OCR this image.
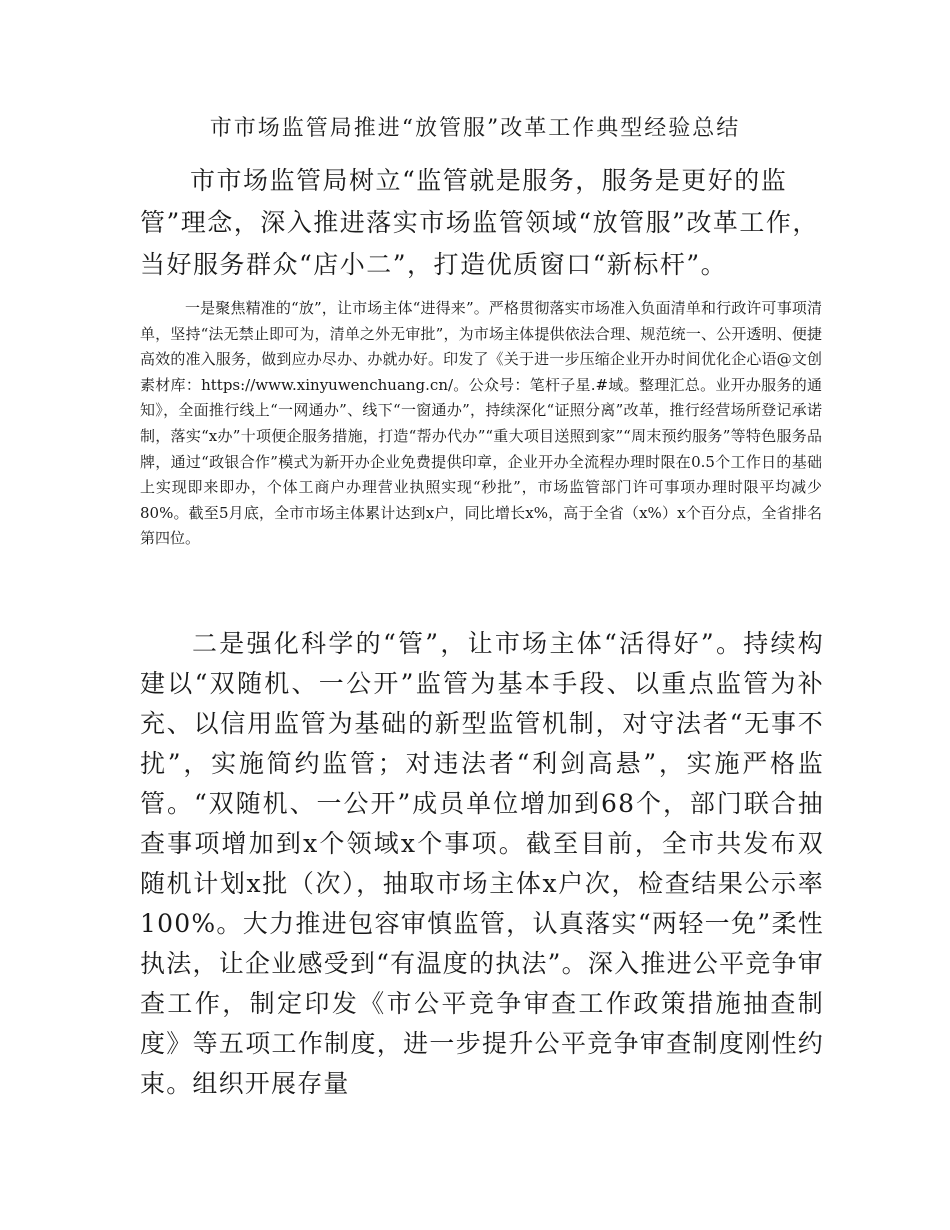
市市场监管局推进“放管服”改革工作典型经验总结

市市场监管局树立“监管就是服务，服务是更好的监管”理念，深入推进落实市场监管领域“放管服”改革工作，当好服务群众“店小二”，打造优质窗口“新标杆”。

一是聚焦精准的“放”，让市场主体“进得来”。严格贯彻落实市场准入负面清单和行政许可事项清单，坚持“法无禁止即可为，清单之外无审批”，为市场主体提供依法合理、规范统一、公开透明、便捷高效的准入服务，做到应办尽办、办就办好。印发了《关于进一步压缩企业开办时间优化企心语@文创素材库：https://www.xinyuwenchuang.cn/。公众号：笔杆子星.#域。整理汇总。业开办服务的通知》，全面推行线上“一网通办”、线下“一窗通办”，持续深化“证照分离”改革，推行经营场所登记承诺制，落实“x办”十项便企服务措施，打造“帮办代办”“重大项目送照到家”“周末预约服务”等特色服务品牌，通过“政银合作”模式为新开办企业免费提供印章，企业开办全流程办理时限在0.5个工作日的基础上实现即来即办，个体工商户办理营业执照实现“秒批”，市场监管部门许可事项办理时限平均减少80%。截至5月底，全市市场主体累计达到x户，同比增长x%，高于全省（x%）x个百分点，全省排名第四位。

二是强化科学的“管”，让市场主体“活得好”。持续构建以“双随机、一公开”监管为基本手段、以重点监管为补充、以信用监管为基础的新型监管机制，对守法者“无事不扰”，实施简约监管；对违法者“利剑高悬”，实施严格监管。“双随机、一公开”成员单位增加到68个，部门联合抽查事项增加到x个领域x个事项。截至目前，全市共发布双随机计划x批（次），抽取市场主体x户次，检查结果公示率100%。大力推进包容审慎监管，认真落实“两轻一免”柔性执法，让企业感受到“有温度的执法”。深入推进公平竞争审查工作，制定印发《市公平竞争审查工作政策措施抽查制度》等五项工作制度，进一步提升公平竞争审查制度刚性约束。组织开展存量
